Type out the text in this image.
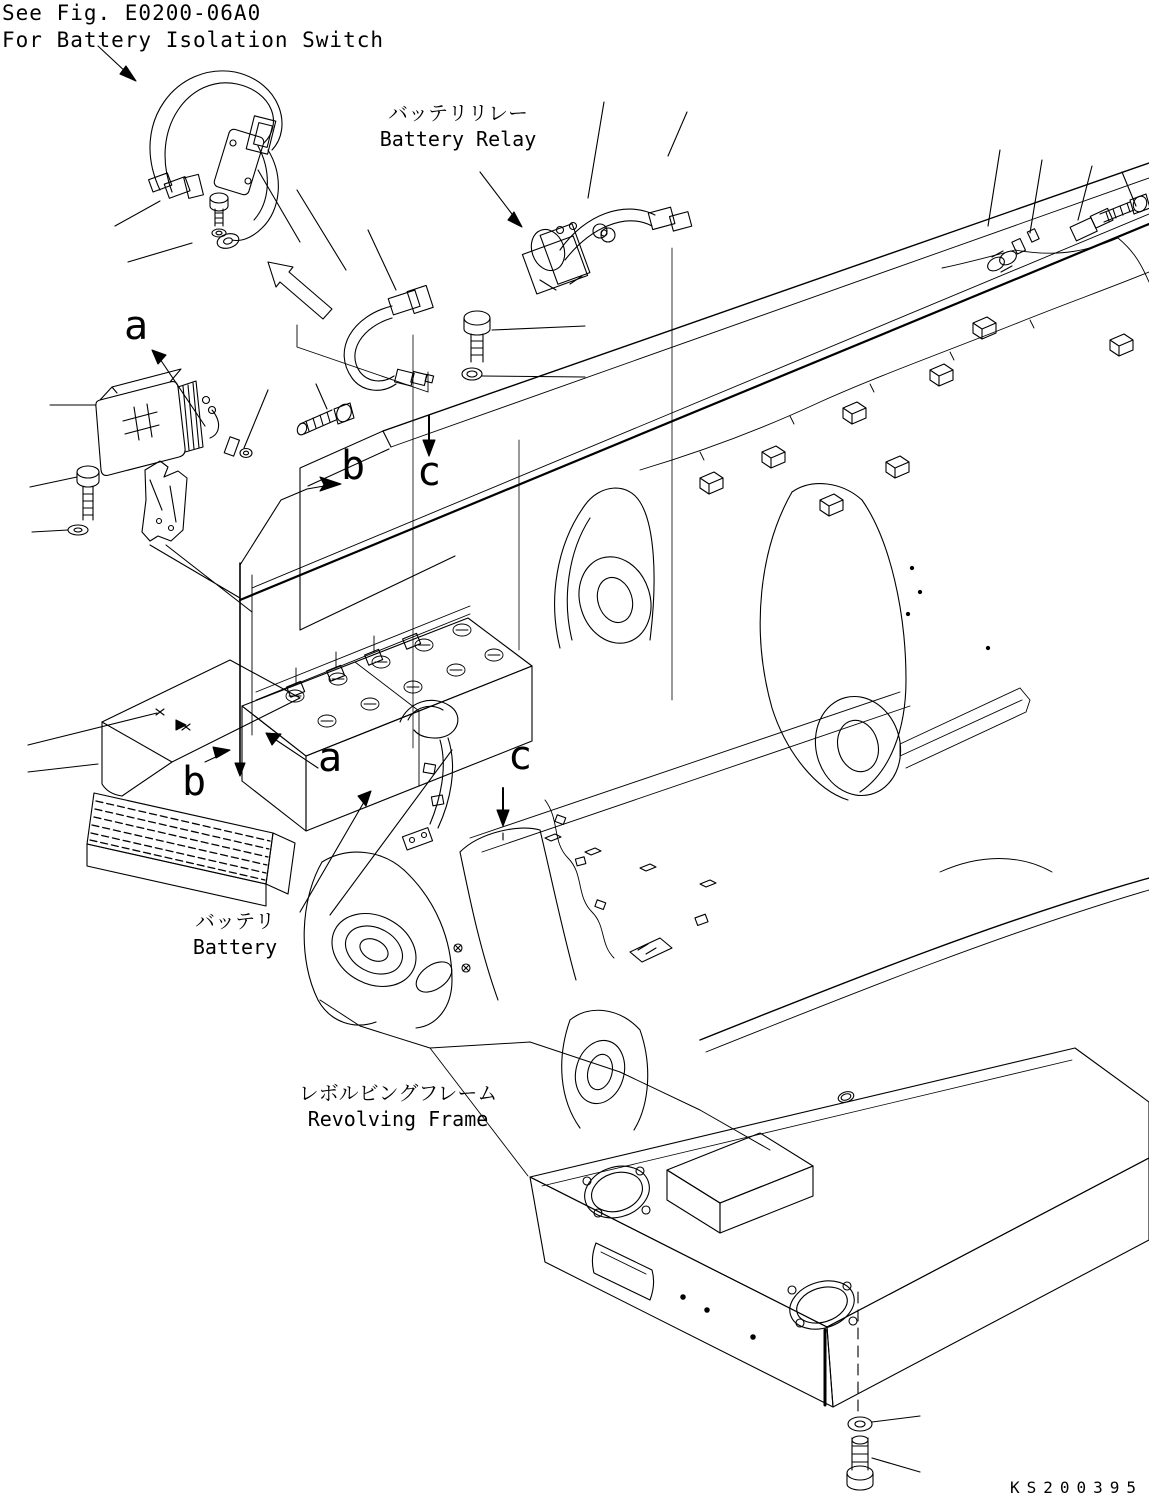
See Fig. E0200-06A0
For Battery Isolation Switch
バッテリリレー
Battery Relay
バッテリ
Battery
レボルビングフレーム
Revolving Frame
a
b c
a
b
c
KS200395
